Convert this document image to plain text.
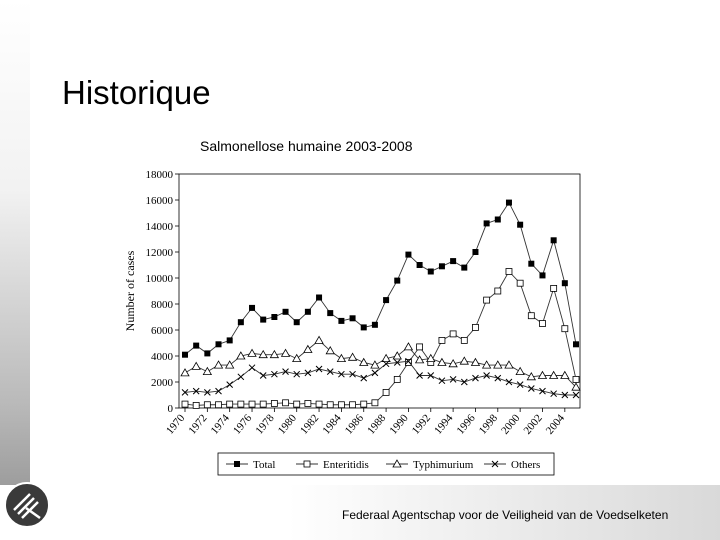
Historique
Salmonellose humaine 2003-2008
0
2000
4000
6000
8000
10000
12000
14000
16000
18000
1970 1972 1974 1976 1978 1980 1982 1984 1986 1988 1990 1992 1994 1996 1998 2000 2002 2004
Number of cases
Total	Enteritidis	Typhimurium	Others
Federaal Agentschap voor de Veiligheid van de Voedselketen
